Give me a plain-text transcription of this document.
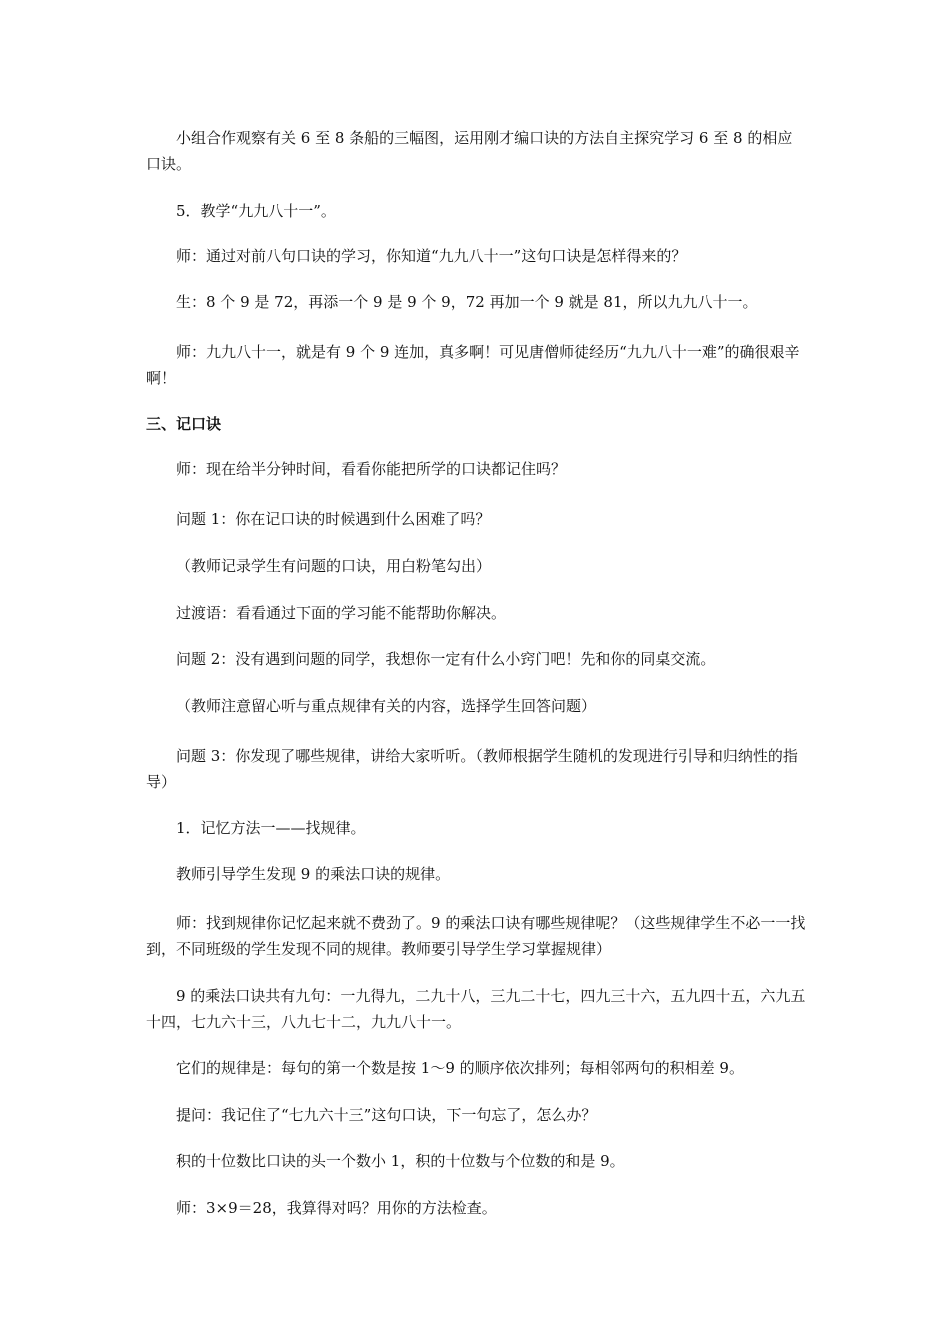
小组合作观察有关 6 至 8 条船的三幅图，运用刚才编口诀的方法自主探究学习 6 至 8 的相应口诀。

5．教学“九九八十一”。

师：通过对前八句口诀的学习，你知道“九九八十一”这句口诀是怎样得来的？

生：8 个 9 是 72，再添一个 9 是 9 个 9，72 再加一个 9 就是 81，所以九九八十一。

师：九九八十一，就是有 9 个 9 连加，真多啊！可见唐僧师徒经历“九九八十一难”的确很艰辛啊！

三、记口诀

师：现在给半分钟时间，看看你能把所学的口诀都记住吗？

问题 1：你在记口诀的时候遇到什么困难了吗？

（教师记录学生有问题的口诀，用白粉笔勾出）

过渡语：看看通过下面的学习能不能帮助你解决。

问题 2：没有遇到问题的同学，我想你一定有什么小窍门吧！先和你的同桌交流。

（教师注意留心听与重点规律有关的内容，选择学生回答问题）

问题 3：你发现了哪些规律，讲给大家听听。（教师根据学生随机的发现进行引导和归纳性的指导）

1．记忆方法一——找规律。

教师引导学生发现 9 的乘法口诀的规律。

师：找到规律你记忆起来就不费劲了。9 的乘法口诀有哪些规律呢？（这些规律学生不必一一找到，不同班级的学生发现不同的规律。教师要引导学生学习掌握规律）

9 的乘法口诀共有九句：一九得九，二九十八，三九二十七，四九三十六，五九四十五，六九五十四，七九六十三，八九七十二，九九八十一。

它们的规律是：每句的第一个数是按 1～9 的顺序依次排列；每相邻两句的积相差 9。

提问：我记住了“七九六十三”这句口诀，下一句忘了，怎么办？

积的十位数比口诀的头一个数小 1，积的十位数与个位数的和是 9。

师：3×9＝28，我算得对吗？用你的方法检查。
